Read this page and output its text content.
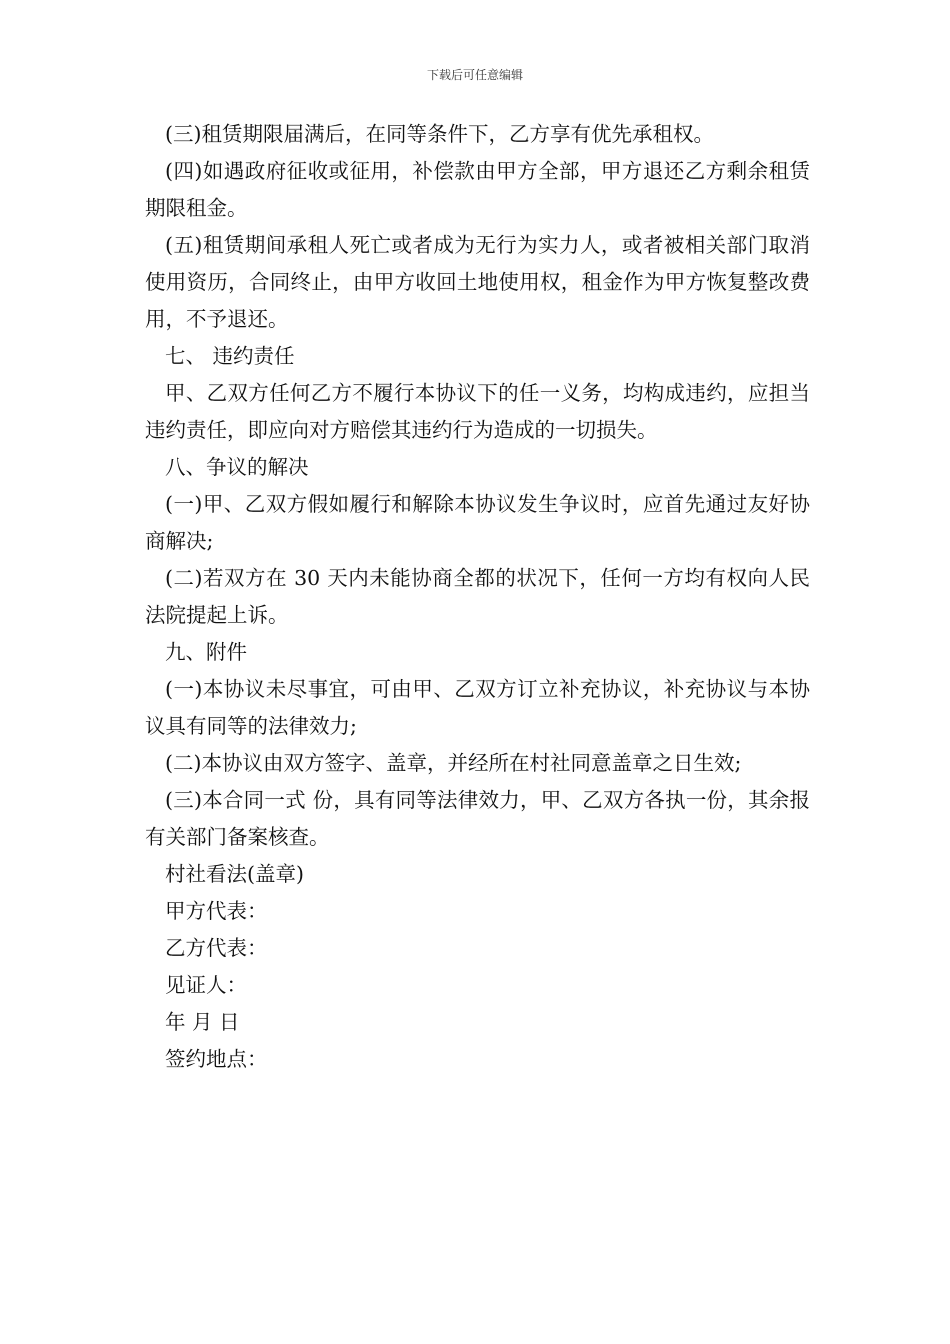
下载后可任意编辑

(三)租赁期限届满后，在同等条件下，乙方享有优先承租权。

(四)如遇政府征收或征用，补偿款由甲方全部，甲方退还乙方剩余租赁期限租金。

(五)租赁期间承租人死亡或者成为无行为实力人，或者被相关部门取消使用资历，合同终止，由甲方收回土地使用权，租金作为甲方恢复整改费用，不予退还。

七、 违约责任

甲、乙双方任何乙方不履行本协议下的任一义务，均构成违约，应担当违约责任，即应向对方赔偿其违约行为造成的一切损失。

八、争议的解决

(一)甲、乙双方假如履行和解除本协议发生争议时，应首先通过友好协商解决;

(二)若双方在 30 天内未能协商全都的状况下，任何一方均有权向人民法院提起上诉。

九、附件

(一)本协议未尽事宜，可由甲、乙双方订立补充协议，补充协议与本协议具有同等的法律效力;

(二)本协议由双方签字、盖章，并经所在村社同意盖章之日生效;

(三)本合同一式 份，具有同等法律效力，甲、乙双方各执一份，其余报有关部门备案核查。

村社看法(盖章)

甲方代表：

乙方代表：

见证人：

年 月 日

签约地点：
